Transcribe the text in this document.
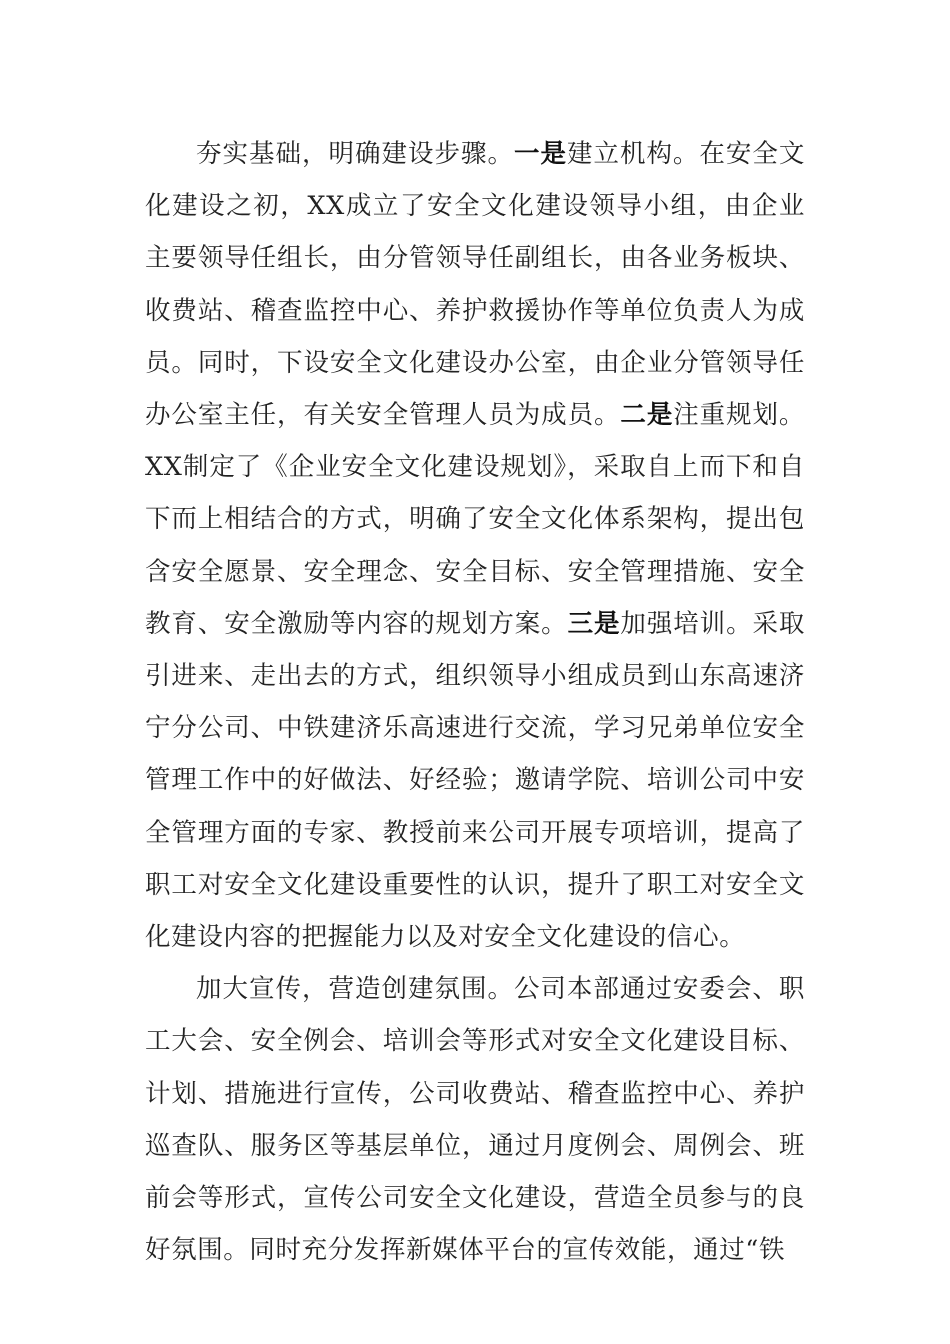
夯实基础，明确建设步骤。一是建立机构。在安全文化建设之初，XX成立了安全文化建设领导小组，由企业主要领导任组长，由分管领导任副组长，由各业务板块、收费站、稽查监控中心、养护救援协作等单位负责人为成员。同时，下设安全文化建设办公室，由企业分管领导任办公室主任，有关安全管理人员为成员。二是注重规划。XX制定了《企业安全文化建设规划》，采取自上而下和自下而上相结合的方式，明确了安全文化体系架构，提出包含安全愿景、安全理念、安全目标、安全管理措施、安全教育、安全激励等内容的规划方案。三是加强培训。采取引进来、走出去的方式，组织领导小组成员到山东高速济宁分公司、中铁建济乐高速进行交流，学习兄弟单位安全管理工作中的好做法、好经验；邀请学院、培训公司中安全管理方面的专家、教授前来公司开展专项培训，提高了职工对安全文化建设重要性的认识，提升了职工对安全文化建设内容的把握能力以及对安全文化建设的信心。

加大宣传，营造创建氛围。公司本部通过安委会、职工大会、安全例会、培训会等形式对安全文化建设目标、计划、措施进行宣传，公司收费站、稽查监控中心、养护巡查队、服务区等基层单位，通过月度例会、周例会、班前会等形式，宣传公司安全文化建设，营造全员参与的良好氛围。同时充分发挥新媒体平台的宣传效能，通过“铁
